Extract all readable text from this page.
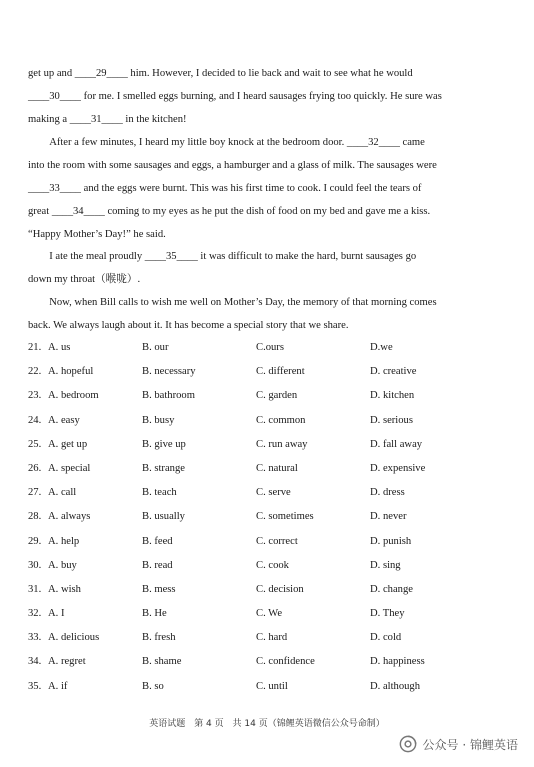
get up and ____29____ him. However, I decided to lie back and wait to see what he would

____30____ for me. I smelled eggs burning, and I heard sausages frying too quickly. He sure was

making a ____31____ in the kitchen!

After a few minutes, I heard my little boy knock at the bedroom door. ____32____ came

into the room with some sausages and eggs, a hamburger and a glass of milk. The sausages were

____33____ and the eggs were burnt. This was his first time to cook. I could feel the tears of

great ____34____ coming to my eyes as he put the dish of food on my bed and gave me a kiss.

“Happy Mother’s Day!” he said.

I ate the meal proudly ____35____ it was difficult to make the hard, burnt sausages go

down my throat（喉咙）.

Now, when Bill calls to wish me well on Mother’s Day, the memory of that morning comes

back. We always laugh about it. It has become a special story that we share.

21. A. us	B. our	C.ours	D.we
22. A. hopeful	B. necessary	C. different	D. creative
23. A. bedroom	B. bathroom	C. garden	D. kitchen
24. A. easy	B. busy	C. common	D. serious
25. A. get up	B. give up	C. run away	D. fall away
26. A. special	B. strange	C. natural	D. expensive
27. A. call	B. teach	C. serve	D. dress
28. A. always	B. usually	C. sometimes	D. never
29. A. help	B. feed	C. correct	D. punish
30. A. buy	B. read	C. cook	D. sing
31. A. wish	B. mess	C. decision	D. change
32. A. I	B. He	C. We	D. They
33. A. delicious	B. fresh	C. hard	D. cold
34. A. regret	B. shame	C. confidence	D. happiness
35. A. if	B. so	C. until	D. although
英语试题 第 4 页 共 14 页（锦鲤英语微信公众号命制）
公众号 · 锦鲤英语
